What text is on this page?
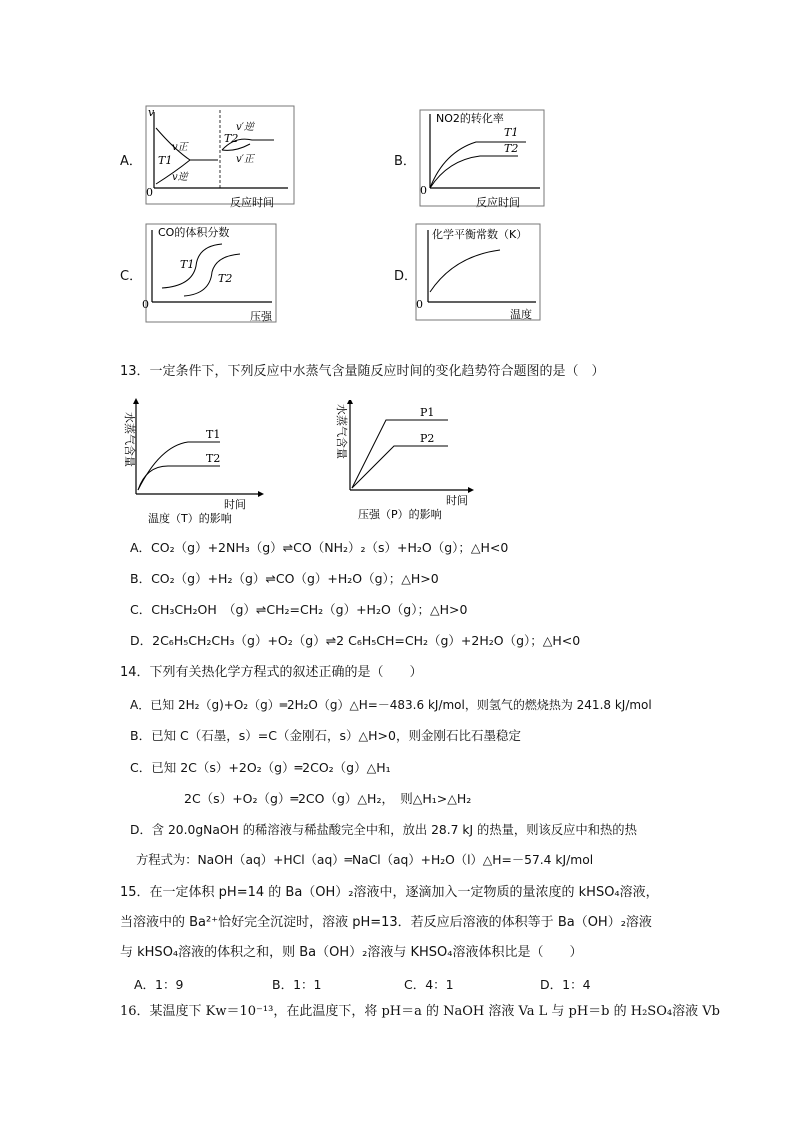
A．
v
0
反应时间
v正
v逆
T1
T2
v′逆
v′正	B．
NO2的转化率
0
反应时间
T1
T2
C．
CO的体积分数
0
压强
T1
T2	D．
化学平衡常数（K）
0
温度
13．一定条件下，下列反应中水蒸气含量随反应时间的变化趋势符合题图的是（　）
水蒸气含量
时间
温度（T）的影响
T1
T2	水蒸气含量
时间
压强（P）的影响
P1
P2
A．CO₂（g）+2NH₃（g）⇌CO（NH₂）₂（s）+H₂O（g）；△H<0
B．CO₂（g）+H₂（g）⇌CO（g）+H₂O（g）；△H>0
C．CH₃CH₂OH　（g）⇌CH₂=CH₂（g）+H₂O（g）；△H>0
D．2C₆H₅CH₂CH₃（g）+O₂（g）⇌2 C₆H₅CH=CH₂（g）+2H₂O（g）；△H<0
14．下列有关热化学方程式的叙述正确的是（　　）
A．已知 2H₂（g)+O₂（g）═2H₂O（g）△H=－483.6 kJ/mol，则氢气的燃烧热为 241.8 kJ/mol
B．已知 C（石墨，s）=C（金刚石，s）△H>0，则金刚石比石墨稳定
C．已知 2C（s）+2O₂（g）═2CO₂（g）△H₁
2C（s）+O₂（g）═2CO（g）△H₂，　则△H₁>△H₂
D．含 20.0gNaOH 的稀溶液与稀盐酸完全中和，放出 28.7 kJ 的热量，则该反应中和热的热
方程式为：NaOH（aq）+HCl（aq）═NaCl（aq）+H₂O（l）△H=－57.4 kJ/mol
15．在一定体积 pH=14 的 Ba（OH）₂溶液中，逐滴加入一定物质的量浓度的 kHSO₄溶液，
当溶液中的 Ba²⁺恰好完全沉淀时，溶液 pH=13．若反应后溶液的体积等于 Ba（OH）₂溶液
与 kHSO₄溶液的体积之和，则 Ba（OH）₂溶液与 KHSO₄溶液体积比是（　　）
A．1：9	B．1：1	C．4：1	D．1：4
16．某温度下 Kw＝10⁻¹³，在此温度下，将 pH＝a 的 NaOH 溶液 Va L 与 pH＝b 的 H₂SO₄溶液 Vb
